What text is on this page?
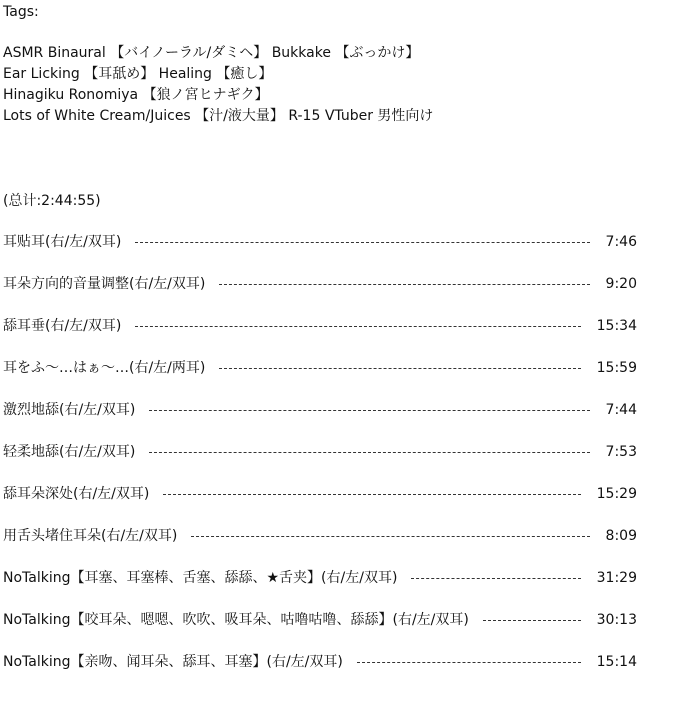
Tags:
ASMR Binaural 【バイノーラル/ダミヘ】 Bukkake 【ぶっかけ】
Ear Licking 【耳舐め】 Healing 【癒し】
Hinagiku Ronomiya 【狼ノ宮ヒナギク】
Lots of White Cream/Juices 【汁/液大量】 R-15 VTuber 男性向け
(总计:2:44:55)
耳贴耳(右/左/双耳)	7:46
耳朵方向的音量调整(右/左/双耳)	9:20
舔耳垂(右/左/双耳)	15:34
耳をふ～…はぁ～…(右/左/两耳)	15:59
激烈地舔(右/左/双耳)	7:44
轻柔地舔(右/左/双耳)	7:53
舔耳朵深处(右/左/双耳)	15:29
用舌头堵住耳朵(右/左/双耳)	8:09
NoTalking【耳塞、耳塞棒、舌塞、舔舔、★舌夹】(右/左/双耳)	31:29
NoTalking【咬耳朵、嗯嗯、吹吹、吸耳朵、咕噜咕噜、舔舔】(右/左/双耳)	30:13
NoTalking【亲吻、闻耳朵、舔耳、耳塞】(右/左/双耳)	15:14
